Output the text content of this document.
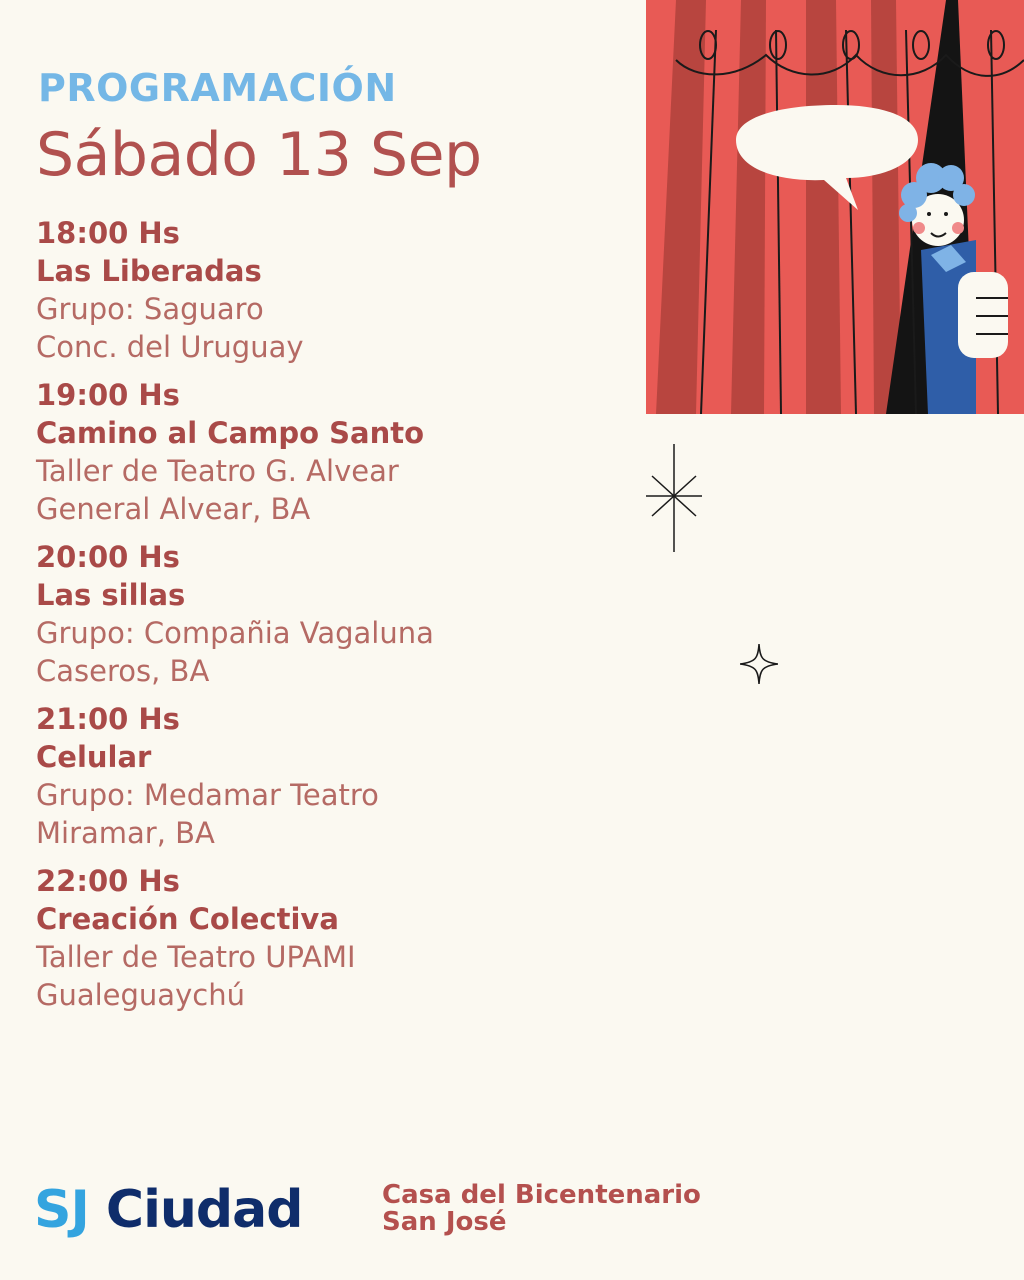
PROGRAMACIÓN
Sábado 13 Sep
18:00 Hs
Las Liberadas
Grupo: Saguaro
Conc. del Uruguay
19:00 Hs
Camino al Campo Santo
Taller de Teatro G. Alvear
General Alvear, BA
20:00 Hs
Las sillas
Grupo: Compañia Vagaluna
Caseros, BA
21:00 Hs
Celular
Grupo: Medamar Teatro
Miramar, BA
22:00 Hs
Creación Colectiva
Taller de Teatro UPAMI
Gualeguaychú
SJ Ciudad	Casa del Bicentenario
San José
